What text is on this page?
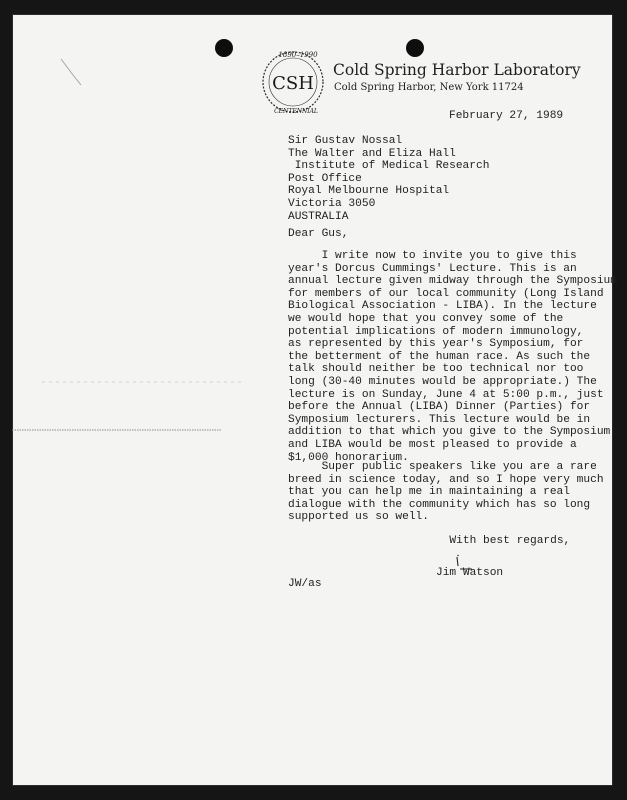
CSH
1890–1990
CENTENNIAL
Cold Spring Harbor Laboratory
Cold Spring Harbor, New York 11724
February 27, 1989
Sir Gustav Nossal
The Walter and Eliza Hall
Institute of Medical Research
Post Office
Royal Melbourne Hospital
Victoria 3050
AUSTRALIA
Dear Gus,
I write now to invite you to give this
year's Dorcus Cummings' Lecture. This is an
annual lecture given midway through the Symposium
for members of our local community (Long Island
Biological Association - LIBA). In the lecture
we would hope that you convey some of the
potential implications of modern immunology,
as represented by this year's Symposium, for
the betterment of the human race. As such the
talk should neither be too technical nor too
long (30-40 minutes would be appropriate.) The
lecture is on Sunday, June 4 at 5:00 p.m., just
before the Annual (LIBA) Dinner (Parties) for
Symposium lecturers. This lecture would be in
addition to that which you give to the Symposium
and LIBA would be most pleased to provide a
$1,000 honorarium.
Super public speakers like you are a rare
breed in science today, and so I hope very much
that you can help me in maintaining a real
dialogue with the community which has so long
supported us so well.
With best regards,
Jim Watson
JW/as
